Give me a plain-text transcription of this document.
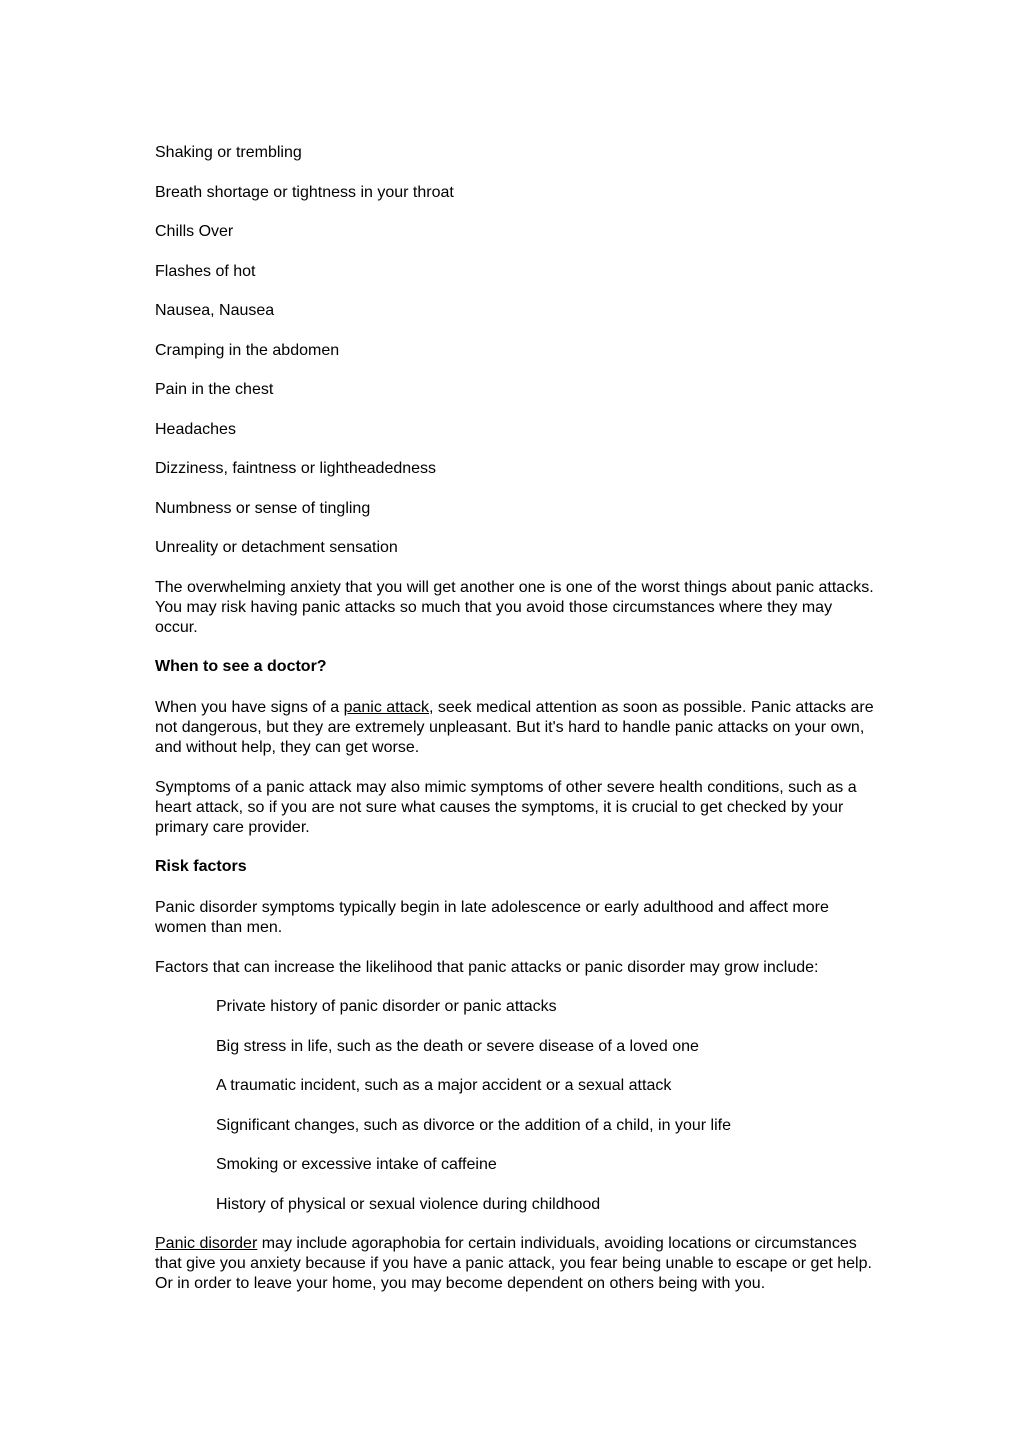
Shaking or trembling
Breath shortage or tightness in your throat
Chills Over
Flashes of hot
Nausea, Nausea
Cramping in the abdomen
Pain in the chest
Headaches
Dizziness, faintness or lightheadedness
Numbness or sense of tingling
Unreality or detachment sensation
The overwhelming anxiety that you will get another one is one of the worst things about panic attacks. You may risk having panic attacks so much that you avoid those circumstances where they may occur.
When to see a doctor?
When you have signs of a panic attack, seek medical attention as soon as possible. Panic attacks are not dangerous, but they are extremely unpleasant. But it's hard to handle panic attacks on your own, and without help, they can get worse.
Symptoms of a panic attack may also mimic symptoms of other severe health conditions, such as a heart attack, so if you are not sure what causes the symptoms, it is crucial to get checked by your primary care provider.
Risk factors
Panic disorder symptoms typically begin in late adolescence or early adulthood and affect more women than men.
Factors that can increase the likelihood that panic attacks or panic disorder may grow include:
Private history of panic disorder or panic attacks
Big stress in life, such as the death or severe disease of a loved one
A traumatic incident, such as a major accident or a sexual attack
Significant changes, such as divorce or the addition of a child, in your life
Smoking or excessive intake of caffeine
History of physical or sexual violence during childhood
Panic disorder may include agoraphobia for certain individuals, avoiding locations or circumstances that give you anxiety because if you have a panic attack, you fear being unable to escape or get help. Or in order to leave your home, you may become dependent on others being with you.
